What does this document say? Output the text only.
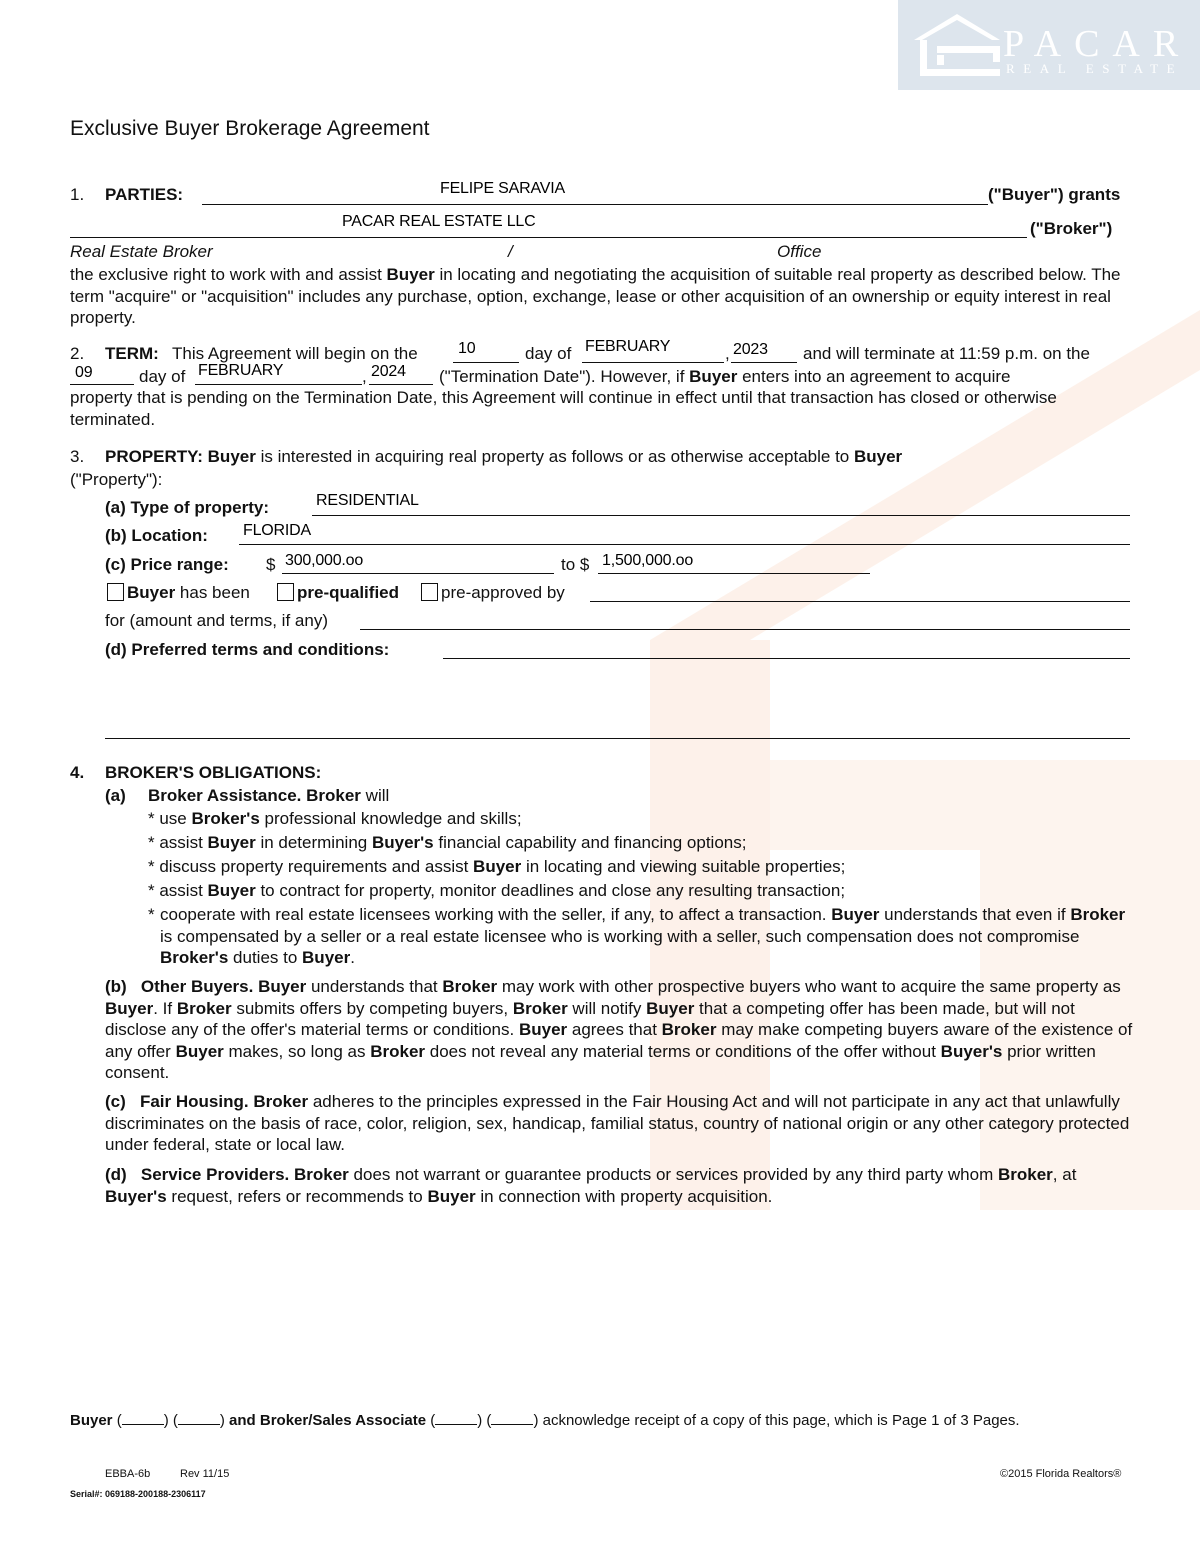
PACAR
REAL ESTATE
Exclusive Buyer Brokerage Agreement
1. PARTIES:	FELIPE SARAVIA	("Buyer") grants
PACAR REAL ESTATE LLC	("Broker")
Real Estate Broker	/	Office
the exclusive right to work with and assist Buyer in locating and negotiating the acquisition of suitable real property as described below. The term "acquire" or "acquisition" includes any purchase, option, exchange, lease or other acquisition of an ownership or equity interest in real property.
2. TERM: This Agreement will begin on the	10	day of FEBRUARY	, 2023 and will terminate at 11:59 p.m. on the
09	day of FEBRUARY	, 2024 ("Termination Date"). However, if Buyer enters into an agreement to acquire
property that is pending on the Termination Date, this Agreement will continue in effect until that transaction has closed or otherwise terminated.
3. PROPERTY: Buyer is interested in acquiring real property as follows or as otherwise acceptable to Buyer
("Property"):
(a) Type of property:	RESIDENTIAL
(b) Location: FLORIDA
(c) Price range: $ 300,000.oo	to $ 1,500,000.oo
Buyer has been	pre-qualified pre-approved by
for (amount and terms, if any)
(d) Preferred terms and conditions:
4. BROKER'S OBLIGATIONS:
(a) Broker Assistance. Broker will
* use Broker's professional knowledge and skills;
* assist Buyer in determining Buyer's financial capability and financing options;
* discuss property requirements and assist Buyer in locating and viewing suitable properties;
* assist Buyer to contract for property, monitor deadlines and close any resulting transaction;
* cooperate with real estate licensees working with the seller, if any, to affect a transaction. Buyer understands that even if Broker is compensated by a seller or a real estate licensee who is working with a seller, such compensation does not compromise Broker's duties to Buyer.
(b) Other Buyers. Buyer understands that Broker may work with other prospective buyers who want to acquire the same property as Buyer. If Broker submits offers by competing buyers, Broker will notify Buyer that a competing offer has been made, but will not disclose any of the offer's material terms or conditions. Buyer agrees that Broker may make competing buyers aware of the existence of any offer Buyer makes, so long as Broker does not reveal any material terms or conditions of the offer without Buyer's prior written consent.
(c) Fair Housing. Broker adheres to the principles expressed in the Fair Housing Act and will not participate in any act that unlawfully discriminates on the basis of race, color, religion, sex, handicap, familial status, country of national origin or any other category protected under federal, state or local law.
(d) Service Providers. Broker does not warrant or guarantee products or services provided by any third party whom Broker, at Buyer's request, refers or recommends to Buyer in connection with property acquisition.
Buyer (	) (	) and Broker/Sales Associate (	) (	) acknowledge receipt of a copy of this page, which is Page 1 of 3 Pages.
EBBA-6b	Rev 11/15	©2015 Florida Realtors®
Serial#: 069188-200188-2306117
